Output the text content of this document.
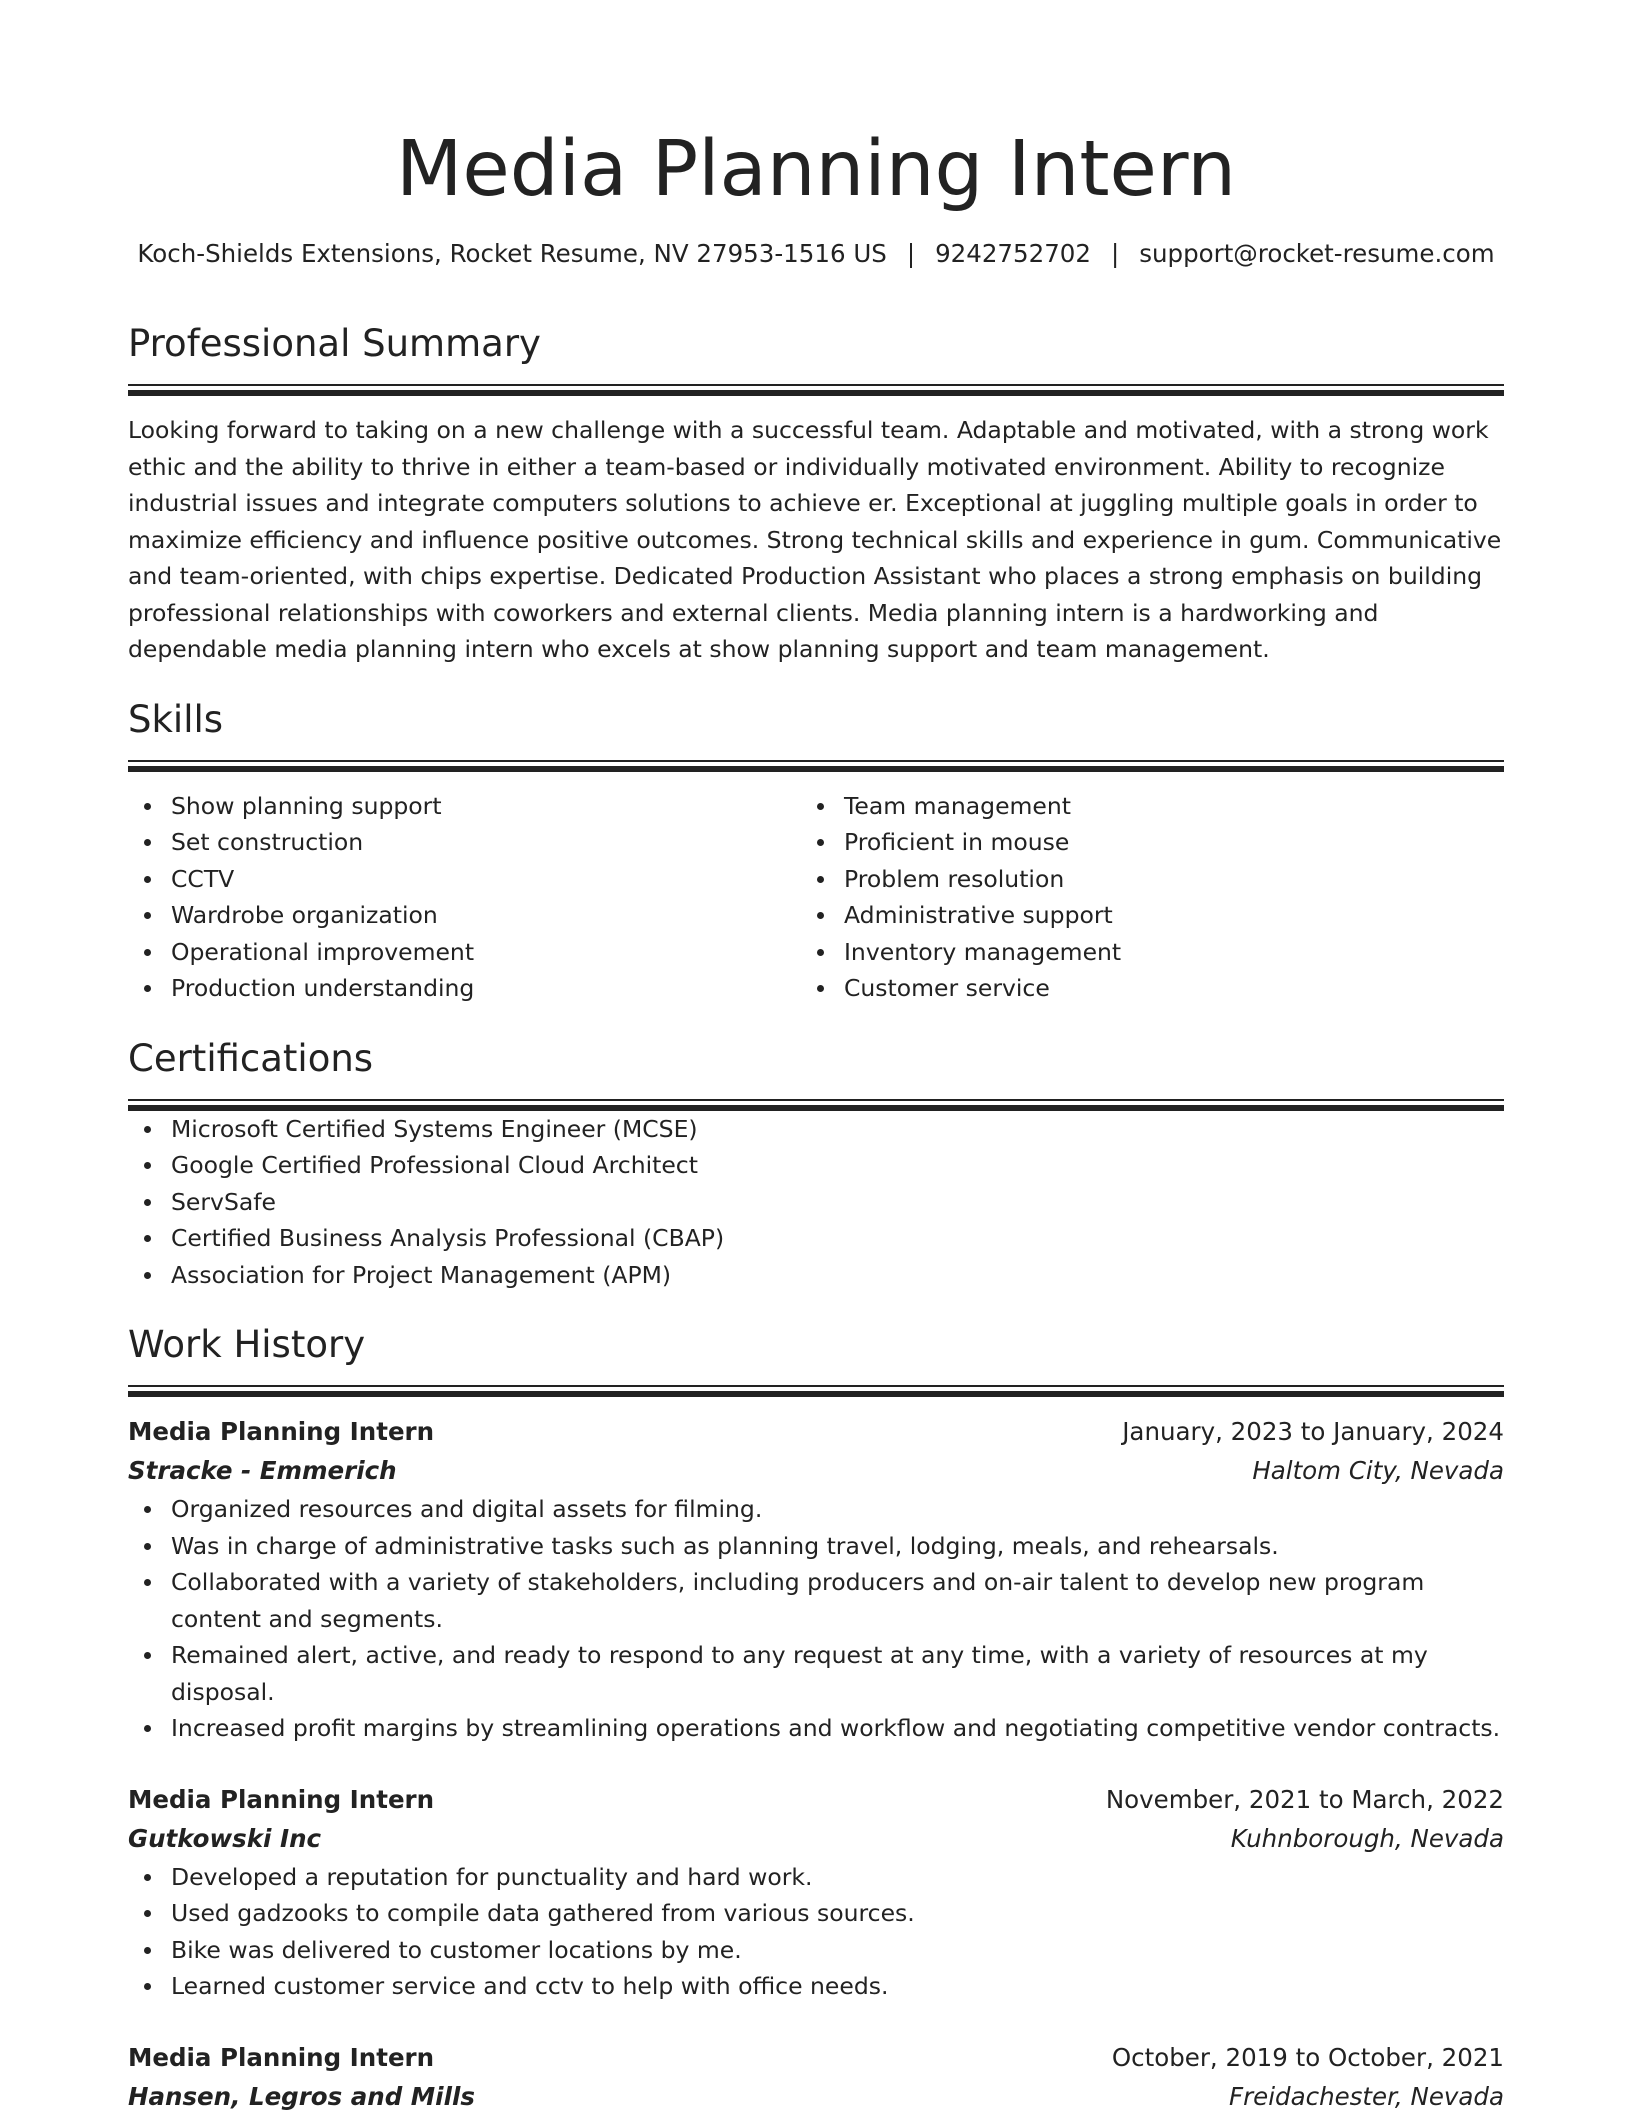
Media Planning Intern
Koch-Shields Extensions, Rocket Resume, NV 27953-1516 US | 9242752702 | support@rocket-resume.com
Professional Summary

Looking forward to taking on a new challenge with a successful team. Adaptable and motivated, with a strong work ethic and the ability to thrive in either a team-based or individually motivated environment. Ability to recognize industrial issues and integrate computers solutions to achieve er. Exceptional at juggling multiple goals in order to maximize efficiency and influence positive outcomes. Strong technical skills and experience in gum. Communicative and team-oriented, with chips expertise. Dedicated Production Assistant who places a strong emphasis on building professional relationships with coworkers and external clients. Media planning intern is a hardworking and dependable media planning intern who excels at show planning support and team management.

Skills
Show planning support
Set construction
CCTV
Wardrobe organization
Operational improvement
Production understanding
Team management
Proficient in mouse
Problem resolution
Administrative support
Inventory management
Customer service
Certifications
Microsoft Certified Systems Engineer (MCSE)
Google Certified Professional Cloud Architect
ServSafe
Certified Business Analysis Professional (CBAP)
Association for Project Management (APM)
Work History
Media Planning Intern	January, 2023 to January, 2024
Stracke - Emmerich	Haltom City, Nevada
Organized resources and digital assets for filming.
Was in charge of administrative tasks such as planning travel, lodging, meals, and rehearsals.
Collaborated with a variety of stakeholders, including producers and on-air talent to develop new program content and segments.
Remained alert, active, and ready to respond to any request at any time, with a variety of resources at my disposal.
Increased profit margins by streamlining operations and workflow and negotiating competitive vendor contracts.
Media Planning Intern	November, 2021 to March, 2022
Gutkowski Inc	Kuhnborough, Nevada
Developed a reputation for punctuality and hard work.
Used gadzooks to compile data gathered from various sources.
Bike was delivered to customer locations by me.
Learned customer service and cctv to help with office needs.
Media Planning Intern	October, 2019 to October, 2021
Hansen, Legros and Mills	Freidachester, Nevada
